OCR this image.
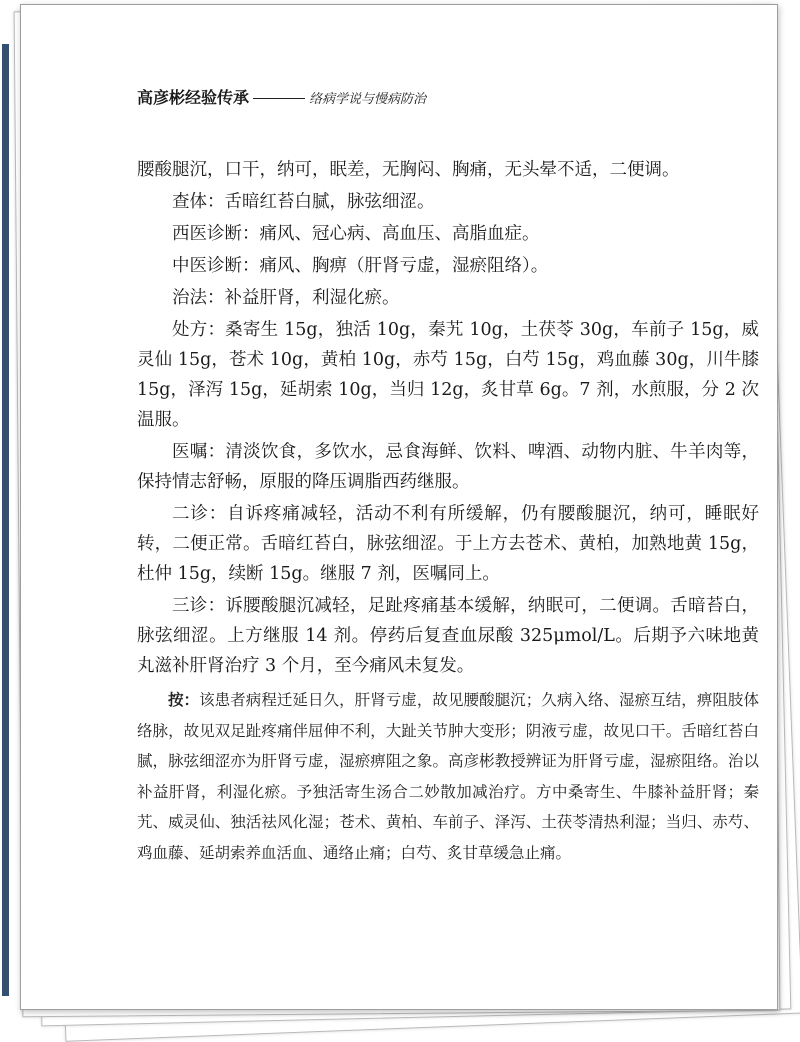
高彦彬经验传承	络病学说与慢病防治

腰酸腿沉，口干，纳可，眠差，无胸闷、胸痛，无头晕不适，二便调。

查体：舌暗红苔白腻，脉弦细涩。

西医诊断：痛风、冠心病、高血压、高脂血症。

中医诊断：痛风、胸痹（肝肾亏虚，湿瘀阻络）。

治法：补益肝肾，利湿化瘀。

处方：桑寄生 15g，独活 10g，秦艽 10g，土茯苓 30g，车前子 15g，威灵仙 15g，苍术 10g，黄柏 10g，赤芍 15g，白芍 15g，鸡血藤 30g，川牛膝 15g，泽泻 15g，延胡索 10g，当归 12g，炙甘草 6g。7 剂，水煎服，分 2 次温服。

医嘱：清淡饮食，多饮水，忌食海鲜、饮料、啤酒、动物内脏、牛羊肉等，保持情志舒畅，原服的降压调脂西药继服。

二诊：自诉疼痛减轻，活动不利有所缓解，仍有腰酸腿沉，纳可，睡眠好转，二便正常。舌暗红苔白，脉弦细涩。于上方去苍术、黄柏，加熟地黄 15g，杜仲 15g，续断 15g。继服 7 剂，医嘱同上。

三诊：诉腰酸腿沉减轻，足趾疼痛基本缓解，纳眠可，二便调。舌暗苔白，脉弦细涩。上方继服 14 剂。停药后复查血尿酸 325μmol/L。后期予六味地黄丸滋补肝肾治疗 3 个月，至今痛风未复发。

按：该患者病程迁延日久，肝肾亏虚，故见腰酸腿沉；久病入络、湿瘀互结，痹阻肢体络脉，故见双足趾疼痛伴屈伸不利，大趾关节肿大变形；阴液亏虚，故见口干。舌暗红苔白腻，脉弦细涩亦为肝肾亏虚，湿瘀痹阻之象。高彦彬教授辨证为肝肾亏虚，湿瘀阻络。治以补益肝肾，利湿化瘀。予独活寄生汤合二妙散加减治疗。方中桑寄生、牛膝补益肝肾；秦艽、威灵仙、独活祛风化湿；苍术、黄柏、车前子、泽泻、土茯苓清热利湿；当归、赤芍、鸡血藤、延胡索养血活血、通络止痛；白芍、炙甘草缓急止痛。
